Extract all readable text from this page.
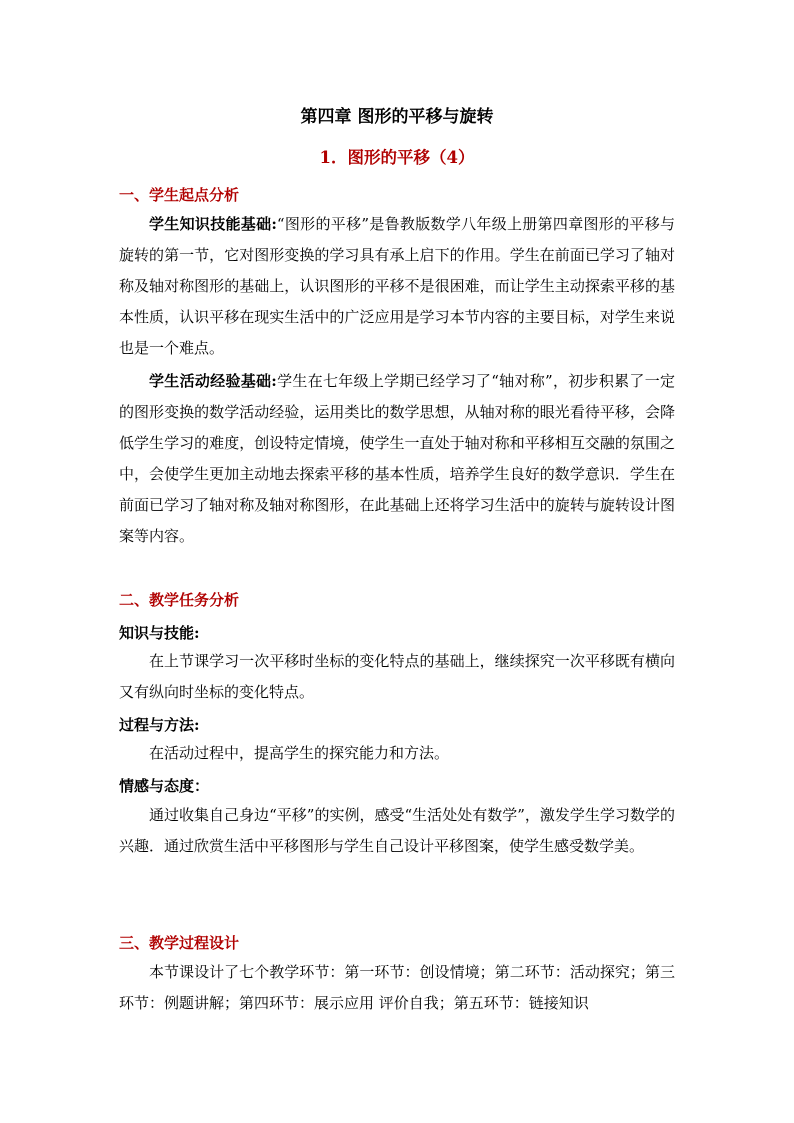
第四章 图形的平移与旋转
1．图形的平移（4）
一、学生起点分析

学生知识技能基础:“图形的平移”是鲁教版数学八年级上册第四章图形的平移与旋转的第一节，它对图形变换的学习具有承上启下的作用。学生在前面已学习了轴对称及轴对称图形的基础上，认识图形的平移不是很困难，而让学生主动探索平移的基本性质，认识平移在现实生活中的广泛应用是学习本节内容的主要目标，对学生来说也是一个难点。

学生活动经验基础:学生在七年级上学期已经学习了“轴对称”，初步积累了一定的图形变换的数学活动经验，运用类比的数学思想，从轴对称的眼光看待平移，会降低学生学习的难度，创设特定情境，使学生一直处于轴对称和平移相互交融的氛围之中，会使学生更加主动地去探索平移的基本性质，培养学生良好的数学意识．学生在前面已学习了轴对称及轴对称图形，在此基础上还将学习生活中的旋转与旋转设计图案等内容。

二、教学任务分析
知识与技能:

在上节课学习一次平移时坐标的变化特点的基础上，继续探究一次平移既有横向又有纵向时坐标的变化特点。

过程与方法:

在活动过程中，提高学生的探究能力和方法。

情感与态度：

通过收集自己身边“平移”的实例，感受“生活处处有数学”，激发学生学习数学的兴趣．通过欣赏生活中平移图形与学生自己设计平移图案，使学生感受数学美。

三、教学过程设计

本节课设计了七个教学环节：第一环节：创设情境；第二环节：活动探究；第三环节：例题讲解；第四环节：展示应用 评价自我；第五环节：链接知识
